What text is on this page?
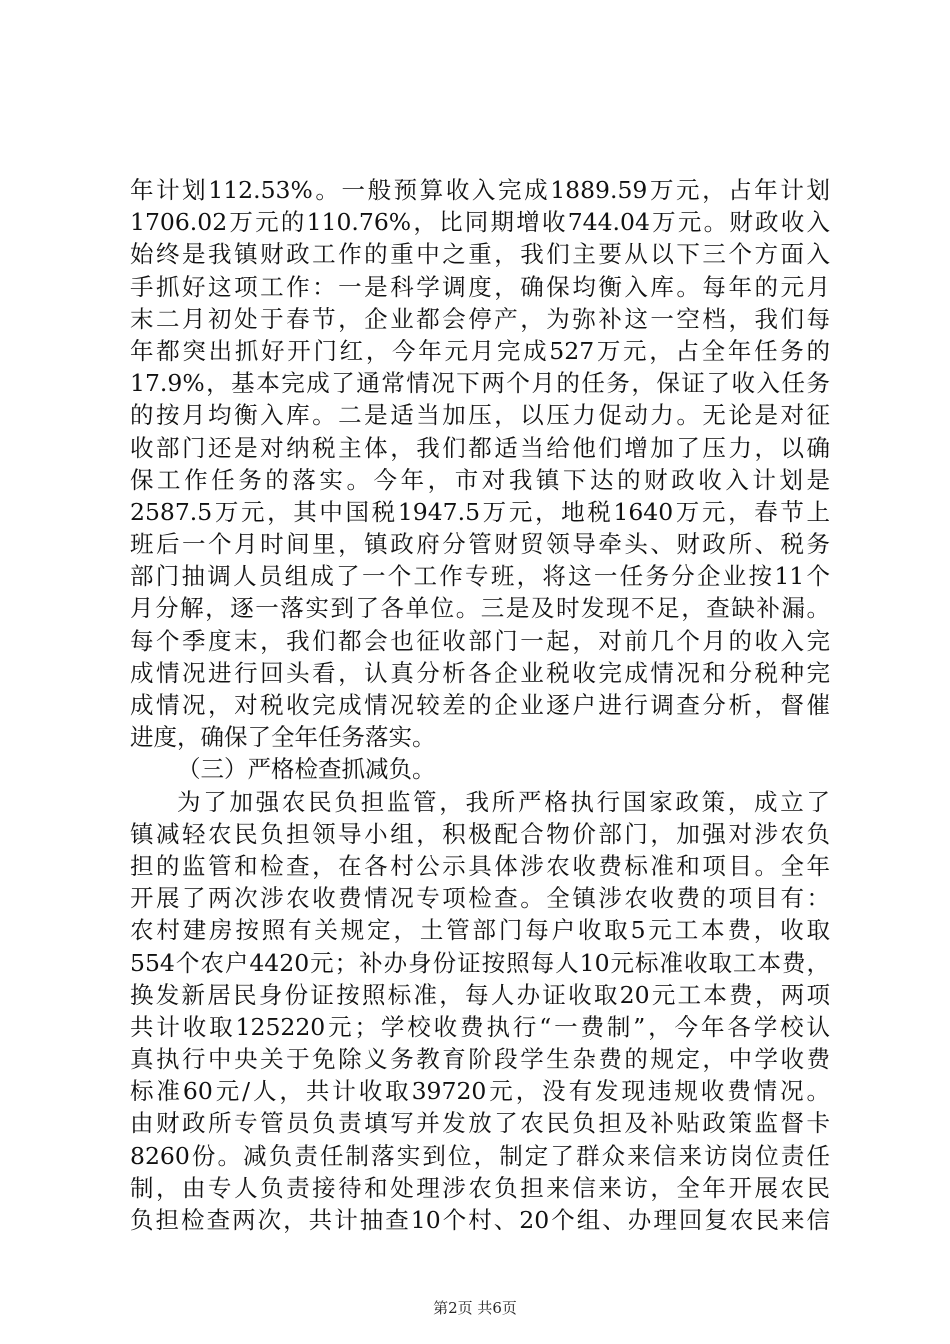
年计划112.53%。一般预算收入完成1889.59万元，占年计划
1706.02万元的110.76%，比同期增收744.04万元。财政收入
始终是我镇财政工作的重中之重，我们主要从以下三个方面入
手抓好这项工作：一是科学调度，确保均衡入库。每年的元月
末二月初处于春节，企业都会停产，为弥补这一空档，我们每
年都突出抓好开门红，今年元月完成527万元，占全年任务的
17.9%，基本完成了通常情况下两个月的任务，保证了收入任务
的按月均衡入库。二是适当加压，以压力促动力。无论是对征
收部门还是对纳税主体，我们都适当给他们增加了压力，以确
保工作任务的落实。今年，市对我镇下达的财政收入计划是
2587.5万元，其中国税1947.5万元，地税1640万元，春节上
班后一个月时间里，镇政府分管财贸领导牵头、财政所、税务
部门抽调人员组成了一个工作专班，将这一任务分企业按11个
月分解，逐一落实到了各单位。三是及时发现不足，查缺补漏。
每个季度末，我们都会也征收部门一起，对前几个月的收入完
成情况进行回头看，认真分析各企业税收完成情况和分税种完
成情况，对税收完成情况较差的企业逐户进行调查分析，督催
进度，确保了全年任务落实。
（三）严格检查抓减负。
为了加强农民负担监管，我所严格执行国家政策，成立了
镇减轻农民负担领导小组，积极配合物价部门，加强对涉农负
担的监管和检查，在各村公示具体涉农收费标准和项目。全年
开展了两次涉农收费情况专项检查。全镇涉农收费的项目有：
农村建房按照有关规定，土管部门每户收取5元工本费，收取
554个农户4420元；补办身份证按照每人10元标准收取工本费，
换发新居民身份证按照标准，每人办证收取20元工本费，两项
共计收取125220元；学校收费执行“一费制”，今年各学校认
真执行中央关于免除义务教育阶段学生杂费的规定，中学收费
标准60元/人，共计收取39720元，没有发现违规收费情况。
由财政所专管员负责填写并发放了农民负担及补贴政策监督卡
8260份。减负责任制落实到位，制定了群众来信来访岗位责任
制，由专人负责接待和处理涉农负担来信来访，全年开展农民
负担检查两次，共计抽查10个村、20个组、办理回复农民来信
第2页 共6页
